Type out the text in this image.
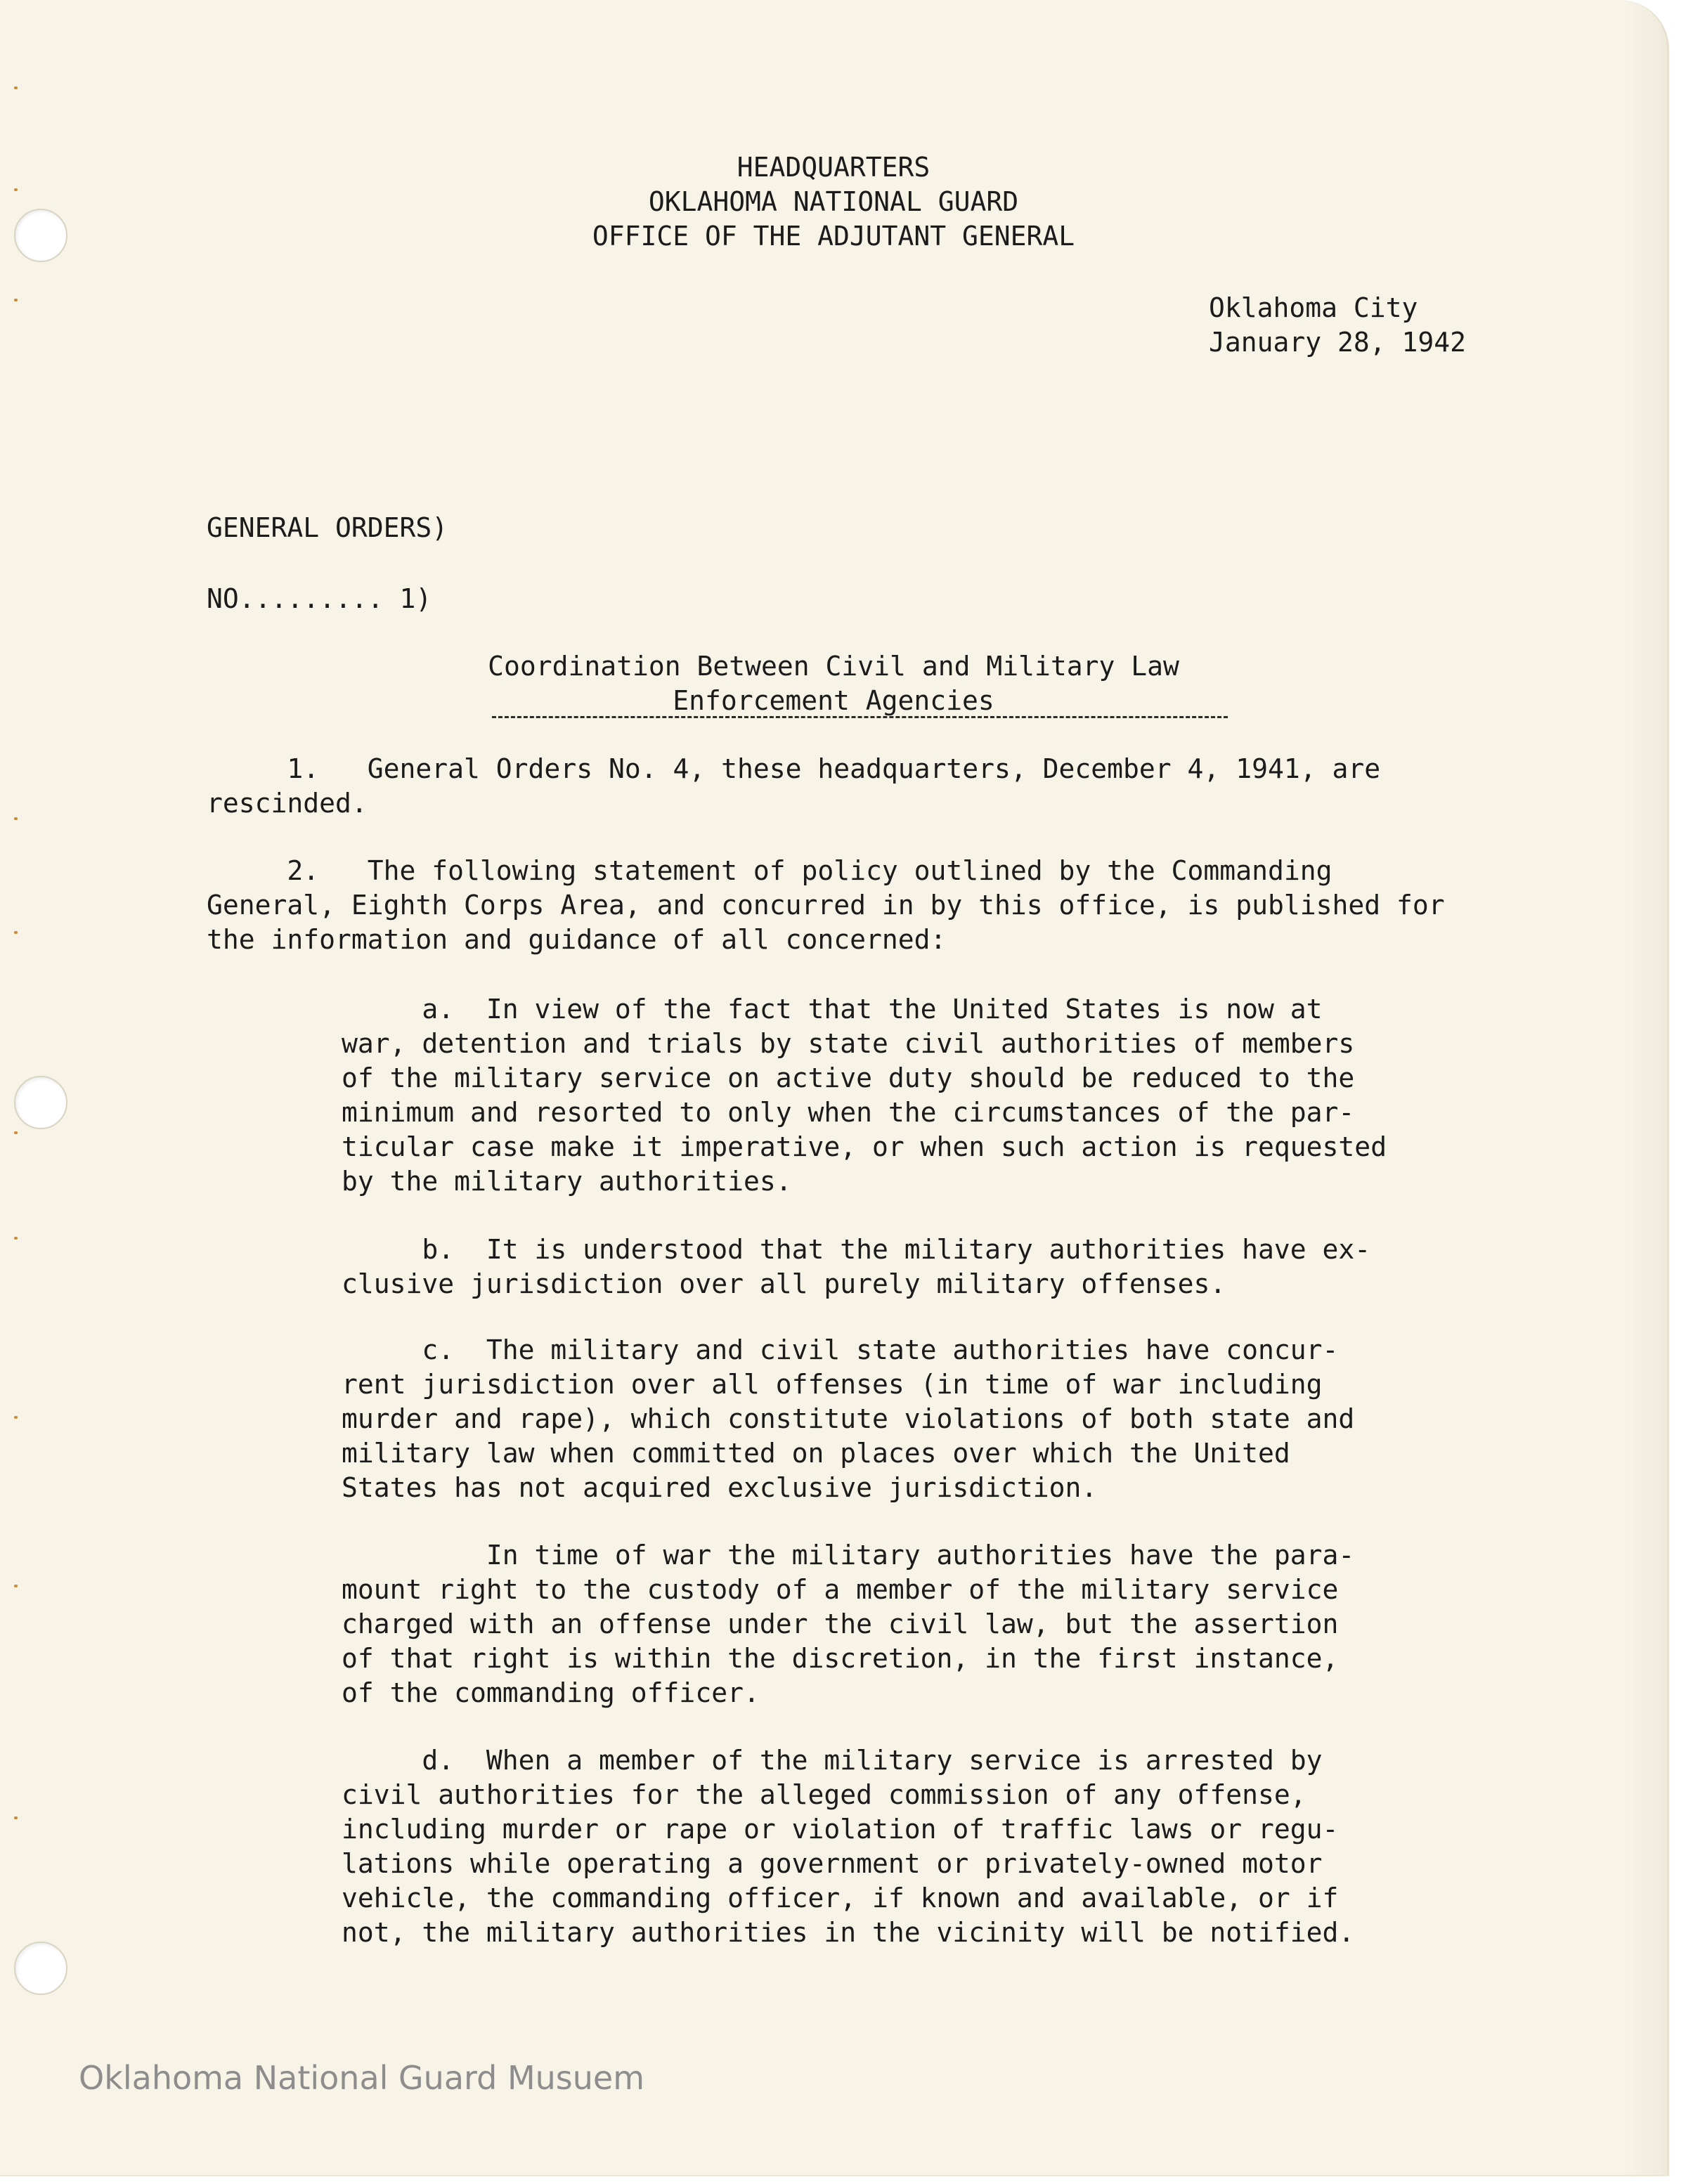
HEADQUARTERS
OKLAHOMA NATIONAL GUARD
OFFICE OF THE ADJUTANT GENERAL
Oklahoma City
January 28, 1942
GENERAL ORDERS)
NO......... 1)
Coordination Between Civil and Military Law
Enforcement Agencies
1.   General Orders No. 4, these headquarters, December 4, 1941, are
rescinded.
2.   The following statement of policy outlined by the Commanding
General, Eighth Corps Area, and concurred in by this office, is published for
the information and guidance of all concerned:
a.  In view of the fact that the United States is now at
war, detention and trials by state civil authorities of members
of the military service on active duty should be reduced to the
minimum and resorted to only when the circumstances of the par-
ticular case make it imperative, or when such action is requested
by the military authorities.
b.  It is understood that the military authorities have ex-
clusive jurisdiction over all purely military offenses.
c.  The military and civil state authorities have concur-
rent jurisdiction over all offenses (in time of war including
murder and rape), which constitute violations of both state and
military law when committed on places over which the United
States has not acquired exclusive jurisdiction.
In time of war the military authorities have the para-
mount right to the custody of a member of the military service
charged with an offense under the civil law, but the assertion
of that right is within the discretion, in the first instance,
of the commanding officer.
d.  When a member of the military service is arrested by
civil authorities for the alleged commission of any offense,
including murder or rape or violation of traffic laws or regu-
lations while operating a government or privately-owned motor
vehicle, the commanding officer, if known and available, or if
not, the military authorities in the vicinity will be notified.
Oklahoma National Guard Musuem
